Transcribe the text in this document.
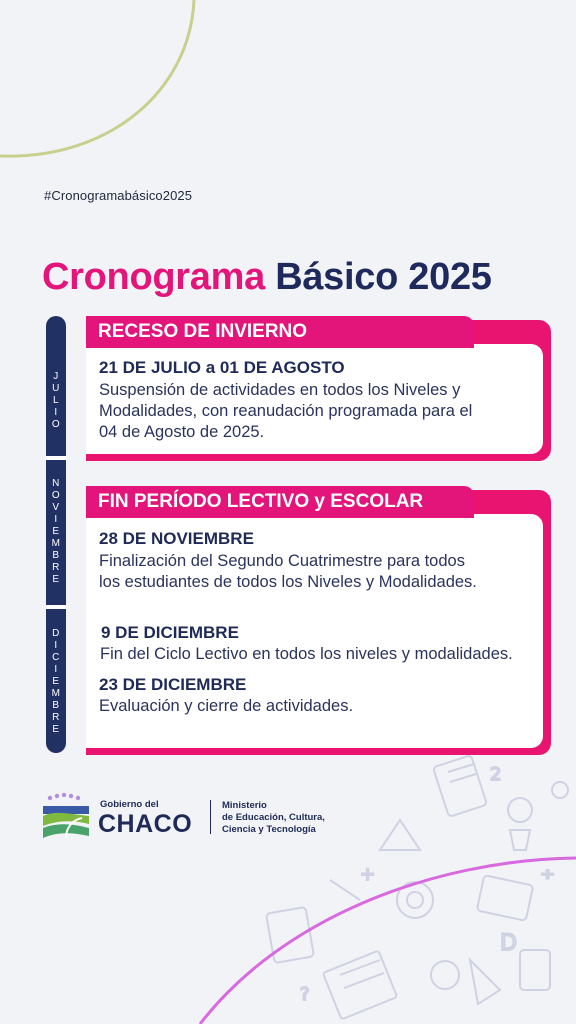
2
+	÷
D
?
#Cronogramabásico2025
Cronograma Básico 2025
J
U
L
I
O
N
O
V
I
E
M
B
R
E
D
I
C
I
E
M
B
R
E
RECESO DE INVIERNO
21 DE JULIO a 01 DE AGOSTO
Suspensión de actividades en todos los Niveles y
Modalidades, con reanudación programada para el
04 de Agosto de 2025.
FIN PERÍODO LECTIVO y ESCOLAR
28 DE NOVIEMBRE
Finalización del Segundo Cuatrimestre para todos
los estudiantes de todos los Niveles y Modalidades.
9 DE DICIEMBRE
Fin del Ciclo Lectivo en todos los niveles y modalidades.
23 DE DICIEMBRE
Evaluación y cierre de actividades.
Gobierno del
CHACO
Ministerio
de Educación, Cultura,
Ciencia y Tecnología
